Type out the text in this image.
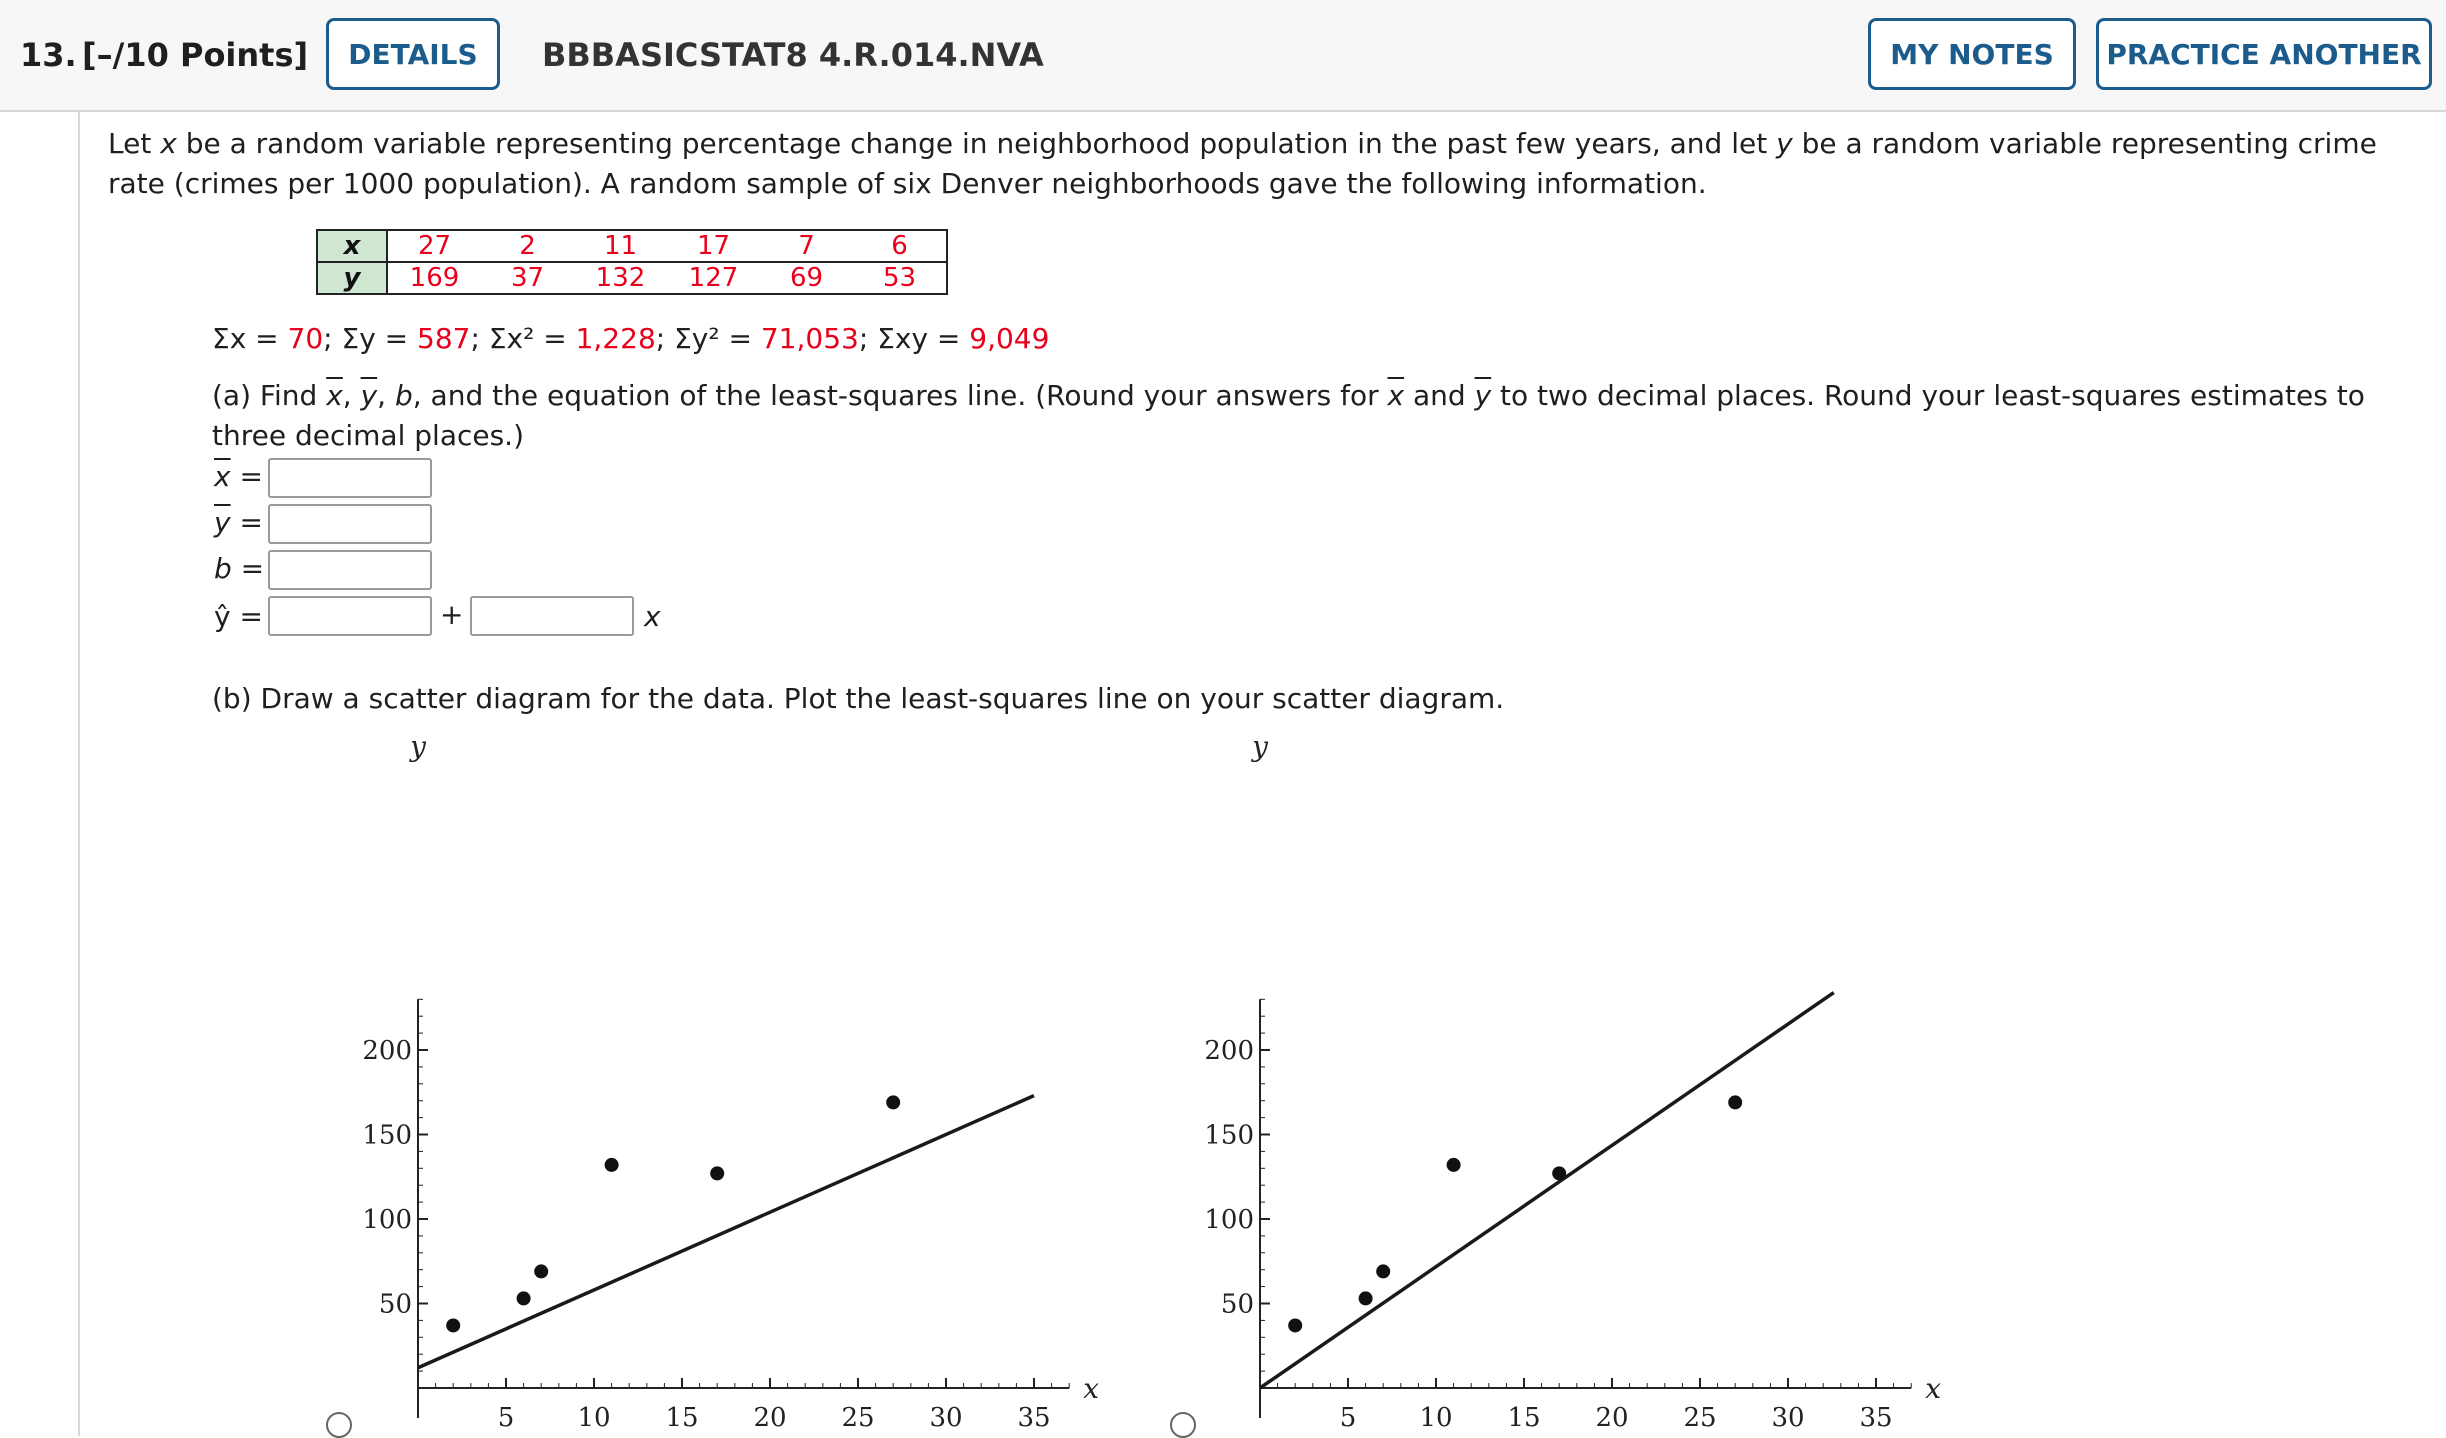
13. [–/10 Points]	DETAILS	BBBASICSTAT8 4.R.014.NVA	MY NOTES	PRACTICE ANOTHER
Let x be a random variable representing percentage change in neighborhood population in the past few years, and let y be a random variable representing crime rate (crimes per 1000 population). A random sample of six Denver neighborhoods gave the following information.
x	27	2	11	17	7	6
y	169	37	132	127	69	53
Σx = 70; Σy = 587; Σx² = 1,228; Σy² = 71,053; Σxy = 9,049
(a) Find $\overline{x}$, $\overline{y}$, b, and the equation of the least-squares line. (Round your answers for $\overline{x}$ and $\overline{y}$ to two decimal places. Round your least-squares estimates to three decimal places.)
$\overline{x}$ =
$\overline{y}$ =
b =
ŷ =	+	x
(b) Draw a scatter diagram for the data. Plot the least-squares line on your scatter diagram.
5 10 15 20 25 30 35
50
100
150
200
x
y
5 10 15 20 25 30 35
50
100
150
200
x
y
